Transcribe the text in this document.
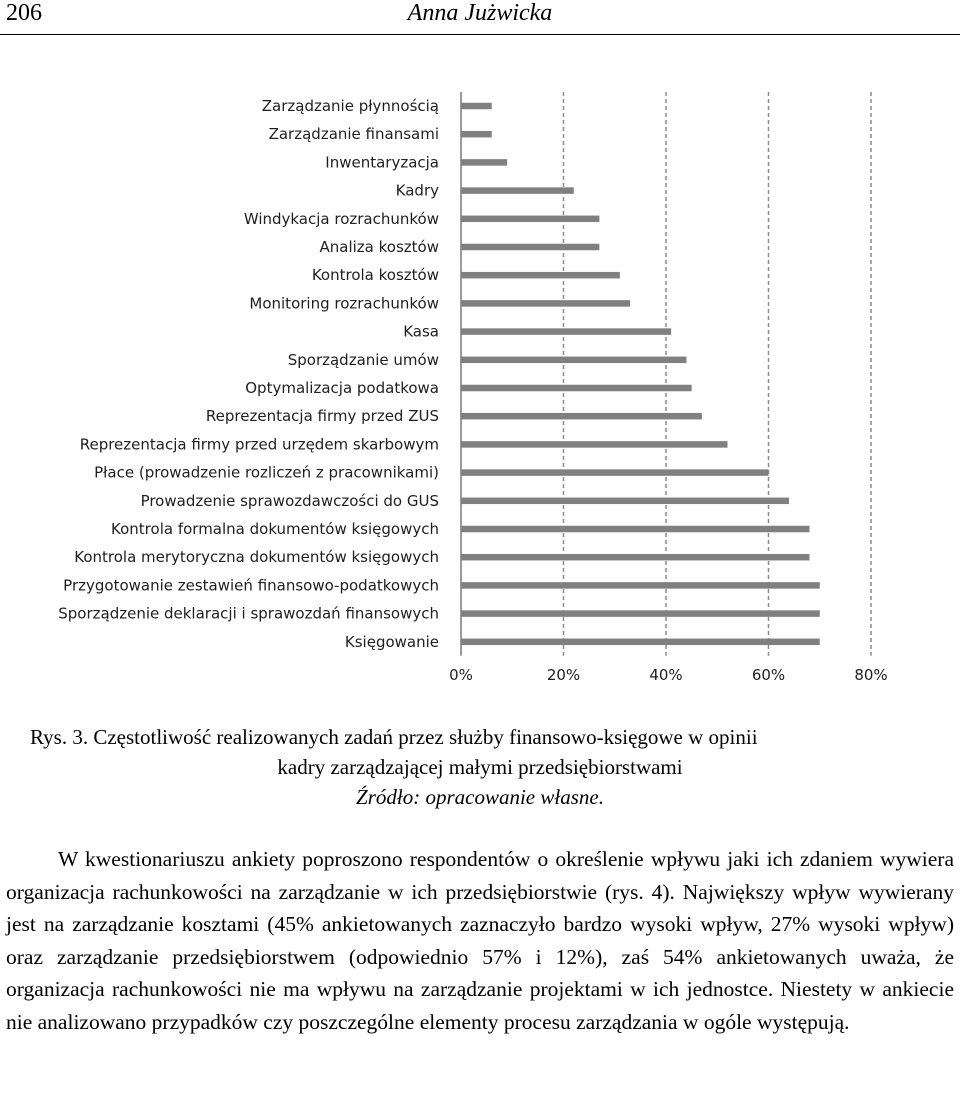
206	Anna Jużwicka
0%	20%	40%	60%	80%
Zarządzanie płynnością
Zarządzanie finansami
Inwentaryzacja
Kadry
Windykacja rozrachunków
Analiza kosztów
Kontrola kosztów
Monitoring rozrachunków
Kasa
Sporządzanie umów
Optymalizacja podatkowa
Reprezentacja firmy przed ZUS
Reprezentacja firmy przed urzędem skarbowym
Płace (prowadzenie rozliczeń z pracownikami)
Prowadzenie sprawozdawczości do GUS
Kontrola formalna dokumentów księgowych
Kontrola merytoryczna dokumentów księgowych
Przygotowanie zestawień finansowo-podatkowych
Sporządzenie deklaracji i sprawozdań finansowych
Księgowanie
Rys. 3. Częstotliwość realizowanych zadań przez służby finansowo-księgowe w opinii
kadry zarządzającej małymi przedsiębiorstwami
Źródło: opracowanie własne.

W kwestionariuszu ankiety poproszono respondentów o określenie wpływu jaki ich zdaniem wywiera organizacja rachunkowości na zarządzanie w ich przedsiębiorstwie (rys. 4). Największy wpływ wywierany jest na zarządzanie kosztami (45% ankietowanych zaznaczyło bardzo wysoki wpływ, 27% wysoki wpływ) oraz zarządzanie przedsiębiorstwem (odpowiednio 57% i 12%), zaś 54% ankietowanych uważa, że organizacja rachunkowości nie ma wpływu na zarządzanie projektami w ich jednostce. Niestety w ankiecie nie analizowano przypadków czy poszczególne elementy procesu zarządzania w ogóle występują.
